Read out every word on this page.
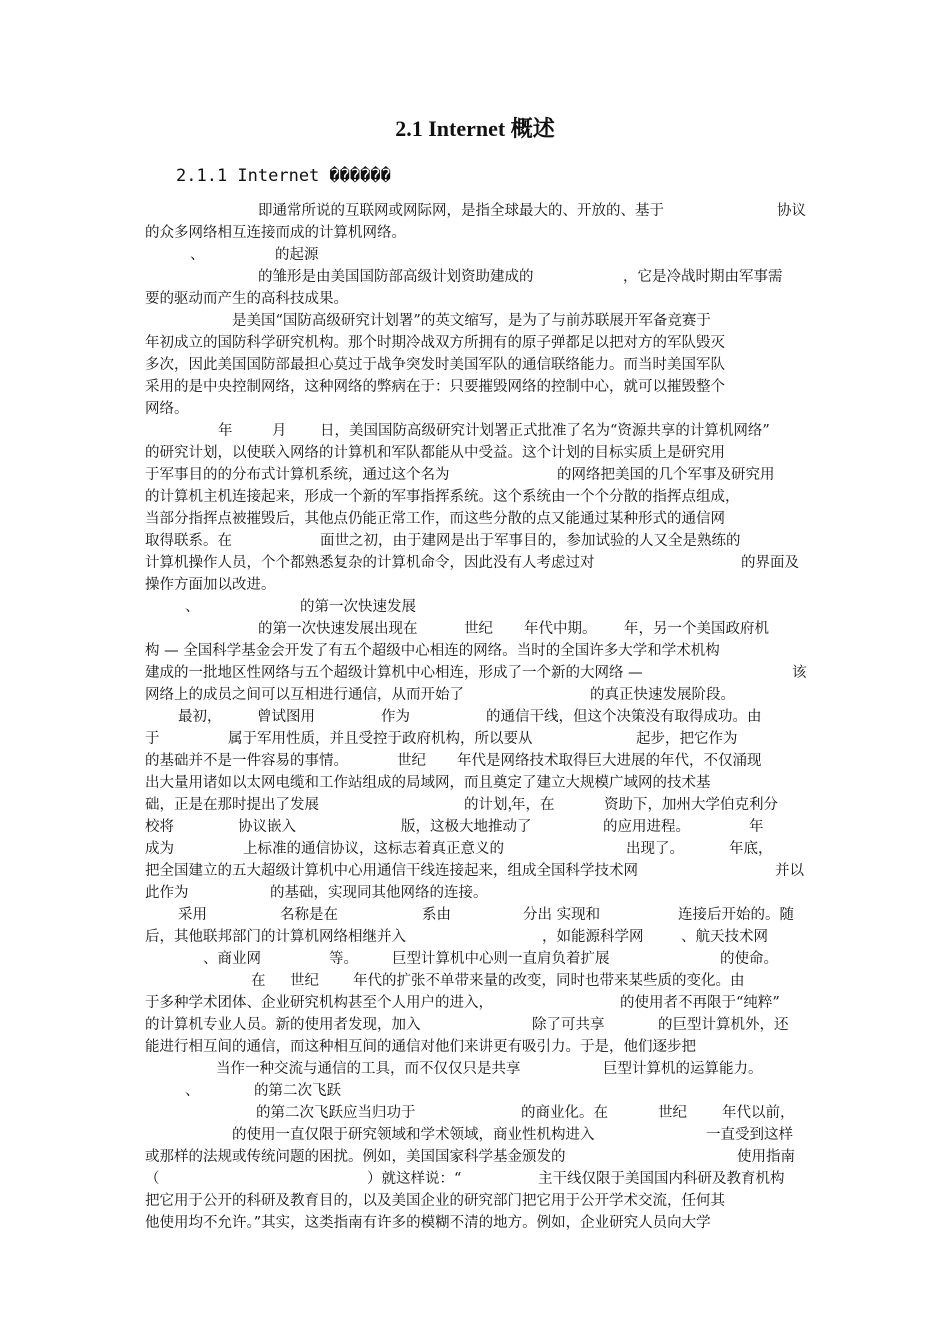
2.1 Internet 概述
2.1.1 Internet ������
即通常所说的互联网或网际网，是指全球最大的、开放的、基于	协议
的众多网络相互连接而成的计算机网络。
、	的起源
的雏形是由美国国防部高级计划资助建成的	，它是冷战时期由军事需
要的驱动而产生的高科技成果。
是美国“国防高级研究计划署”的英文缩写，是为了与前苏联展开军备竞赛于
年初成立的国防科学研究机构。那个时期冷战双方所拥有的原子弹都足以把对方的军队毁灭
多次，因此美国国防部最担心莫过于战争突发时美国军队的通信联络能力。而当时美国军队
采用的是中央控制网络，这种网络的弊病在于：只要摧毁网络的控制中心，就可以摧毁整个
网络。
年	月 日，美国国防高级研究计划署正式批准了名为“资源共享的计算机网络”
的研究计划，以使联入网络的计算机和军队都能从中受益。这个计划的目标实质上是研究用
于军事目的的分布式计算机系统，通过这个名为	的网络把美国的几个军事及研究用
的计算机主机连接起来，形成一个新的军事指挥系统。这个系统由一个个分散的指挥点组成，
当部分指挥点被摧毁后，其他点仍能正常工作，而这些分散的点又能通过某种形式的通信网
取得联系。在	面世之初，由于建网是出于军事目的，参加试验的人又全是熟练的
计算机操作人员，个个都熟悉复杂的计算机命令，因此没有人考虑过对	的界面及
操作方面加以改进。
、	的第一次快速发展
的第一次快速发展出现在	世纪 年代中期。 年，另一个美国政府机
构 — 全国科学基金会开发了有五个超级中心相连的网络。当时的全国许多大学和学术机构
建成的一批地区性网络与五个超级计算机中心相连，形成了一个新的大网络 —	该
网络上的成员之间可以互相进行通信，从而开始了	的真正快速发展阶段。
最初， 曾试图用	作为	的通信干线，但这个决策没有取得成功。由
于	属于军用性质，并且受控于政府机构，所以要从	起步，把它作为
的基础并不是一件容易的事情。	世纪 年代是网络技术取得巨大进展的年代，不仅涌现
出大量用诸如以太网电缆和工作站组成的局域网，而且奠定了建立大规模广域网的技术基
础，正是在那时提出了发展	的计划，
年，在	资助下，加州大学伯克利分
校将	协议嵌入	版，这极大地推动了	的应用进程。	年
成为	上标准的通信协议，这标志着真正意义的	出现了。	年底，
把全国建立的五大超级计算机中心用通信干线连接起来，组成全国科学技术网	并以
此作为	的基础，实现同其他网络的连接。
采用	名称是在	系由	分出 实现和	连接后开始的。随
后，其他联邦部门的计算机网络相继并入	，如能源科学网	、航天技术网
、商业网	等。 巨型计算机中心则一直肩负着扩展	的使命。
在 世纪 年代的扩张不单带来量的改变，同时也带来某些质的变化。由
于多种学术团体、企业研究机构甚至个人用户的进入，	的使用者不再限于“纯粹”
的计算机专业人员。新的使用者发现，加入	除了可共享	的巨型计算机外，还
能进行相互间的通信，而这种相互间的通信对他们来讲更有吸引力。于是，他们逐步把
当作一种交流与通信的工具，而不仅仅只是共享	巨型计算机的运算能力。
、	的第二次飞跃
的第二次飞跃应当归功于	的商业化。在	世纪 年代以前，
的使用一直仅限于研究领域和学术领域，商业性机构进入	一直受到这样
或那样的法规或传统问题的困扰。例如，美国国家科学基金颁发的	使用指南
（	）就这样说：“	主干线仅限于美国国内科研及教育机构
把它用于公开的科研及教育目的，以及美国企业的研究部门把它用于公开学术交流，任何其
他使用均不允许。”其实，这类指南有许多的模糊不清的地方。例如，企业研究人员向大学
